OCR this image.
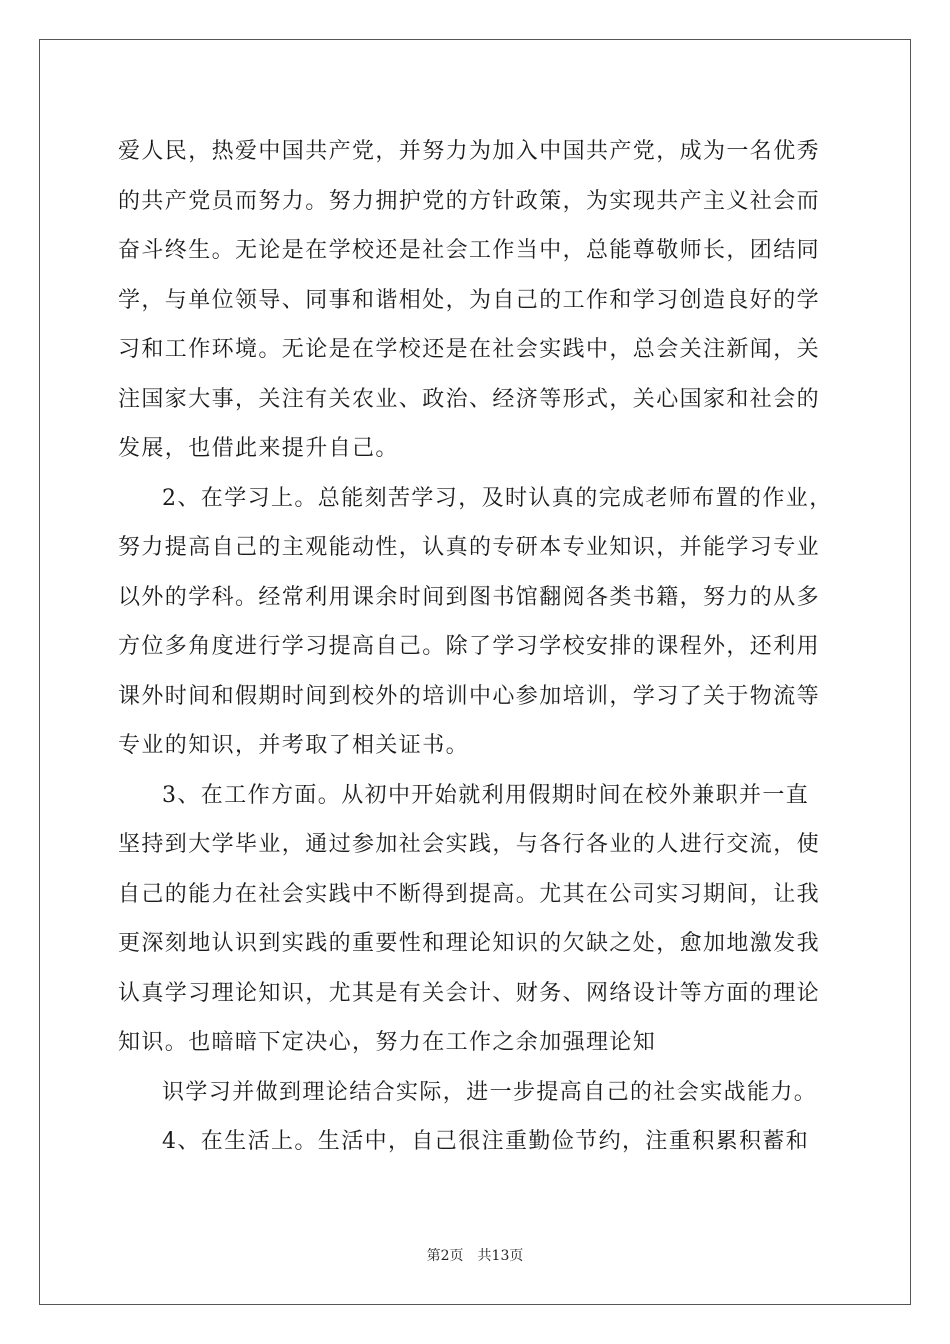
爱人民，热爱中国共产党，并努力为加入中国共产党，成为一名优秀
的共产党员而努力。努力拥护党的方针政策，为实现共产主义社会而
奋斗终生。无论是在学校还是社会工作当中，总能尊敬师长，团结同
学，与单位领导、同事和谐相处，为自己的工作和学习创造良好的学
习和工作环境。无论是在学校还是在社会实践中，总会关注新闻，关
注国家大事，关注有关农业、政治、经济等形式，关心国家和社会的
发展，也借此来提升自己。
2、在学习上。总能刻苦学习，及时认真的完成老师布置的作业，
努力提高自己的主观能动性，认真的专研本专业知识，并能学习专业
以外的学科。经常利用课余时间到图书馆翻阅各类书籍，努力的从多
方位多角度进行学习提高自己。除了学习学校安排的课程外，还利用
课外时间和假期时间到校外的培训中心参加培训，学习了关于物流等
专业的知识，并考取了相关证书。
3、在工作方面。从初中开始就利用假期时间在校外兼职并一直
坚持到大学毕业，通过参加社会实践，与各行各业的人进行交流，使
自己的能力在社会实践中不断得到提高。尤其在公司实习期间，让我
更深刻地认识到实践的重要性和理论知识的欠缺之处，愈加地激发我
认真学习理论知识，尤其是有关会计、财务、网络设计等方面的理论
知识。也暗暗下定决心，努力在工作之余加强理论知
识学习并做到理论结合实际，进一步提高自己的社会实战能力。
4、在生活上。生活中，自己很注重勤俭节约，注重积累积蓄和
第2页　共13页
